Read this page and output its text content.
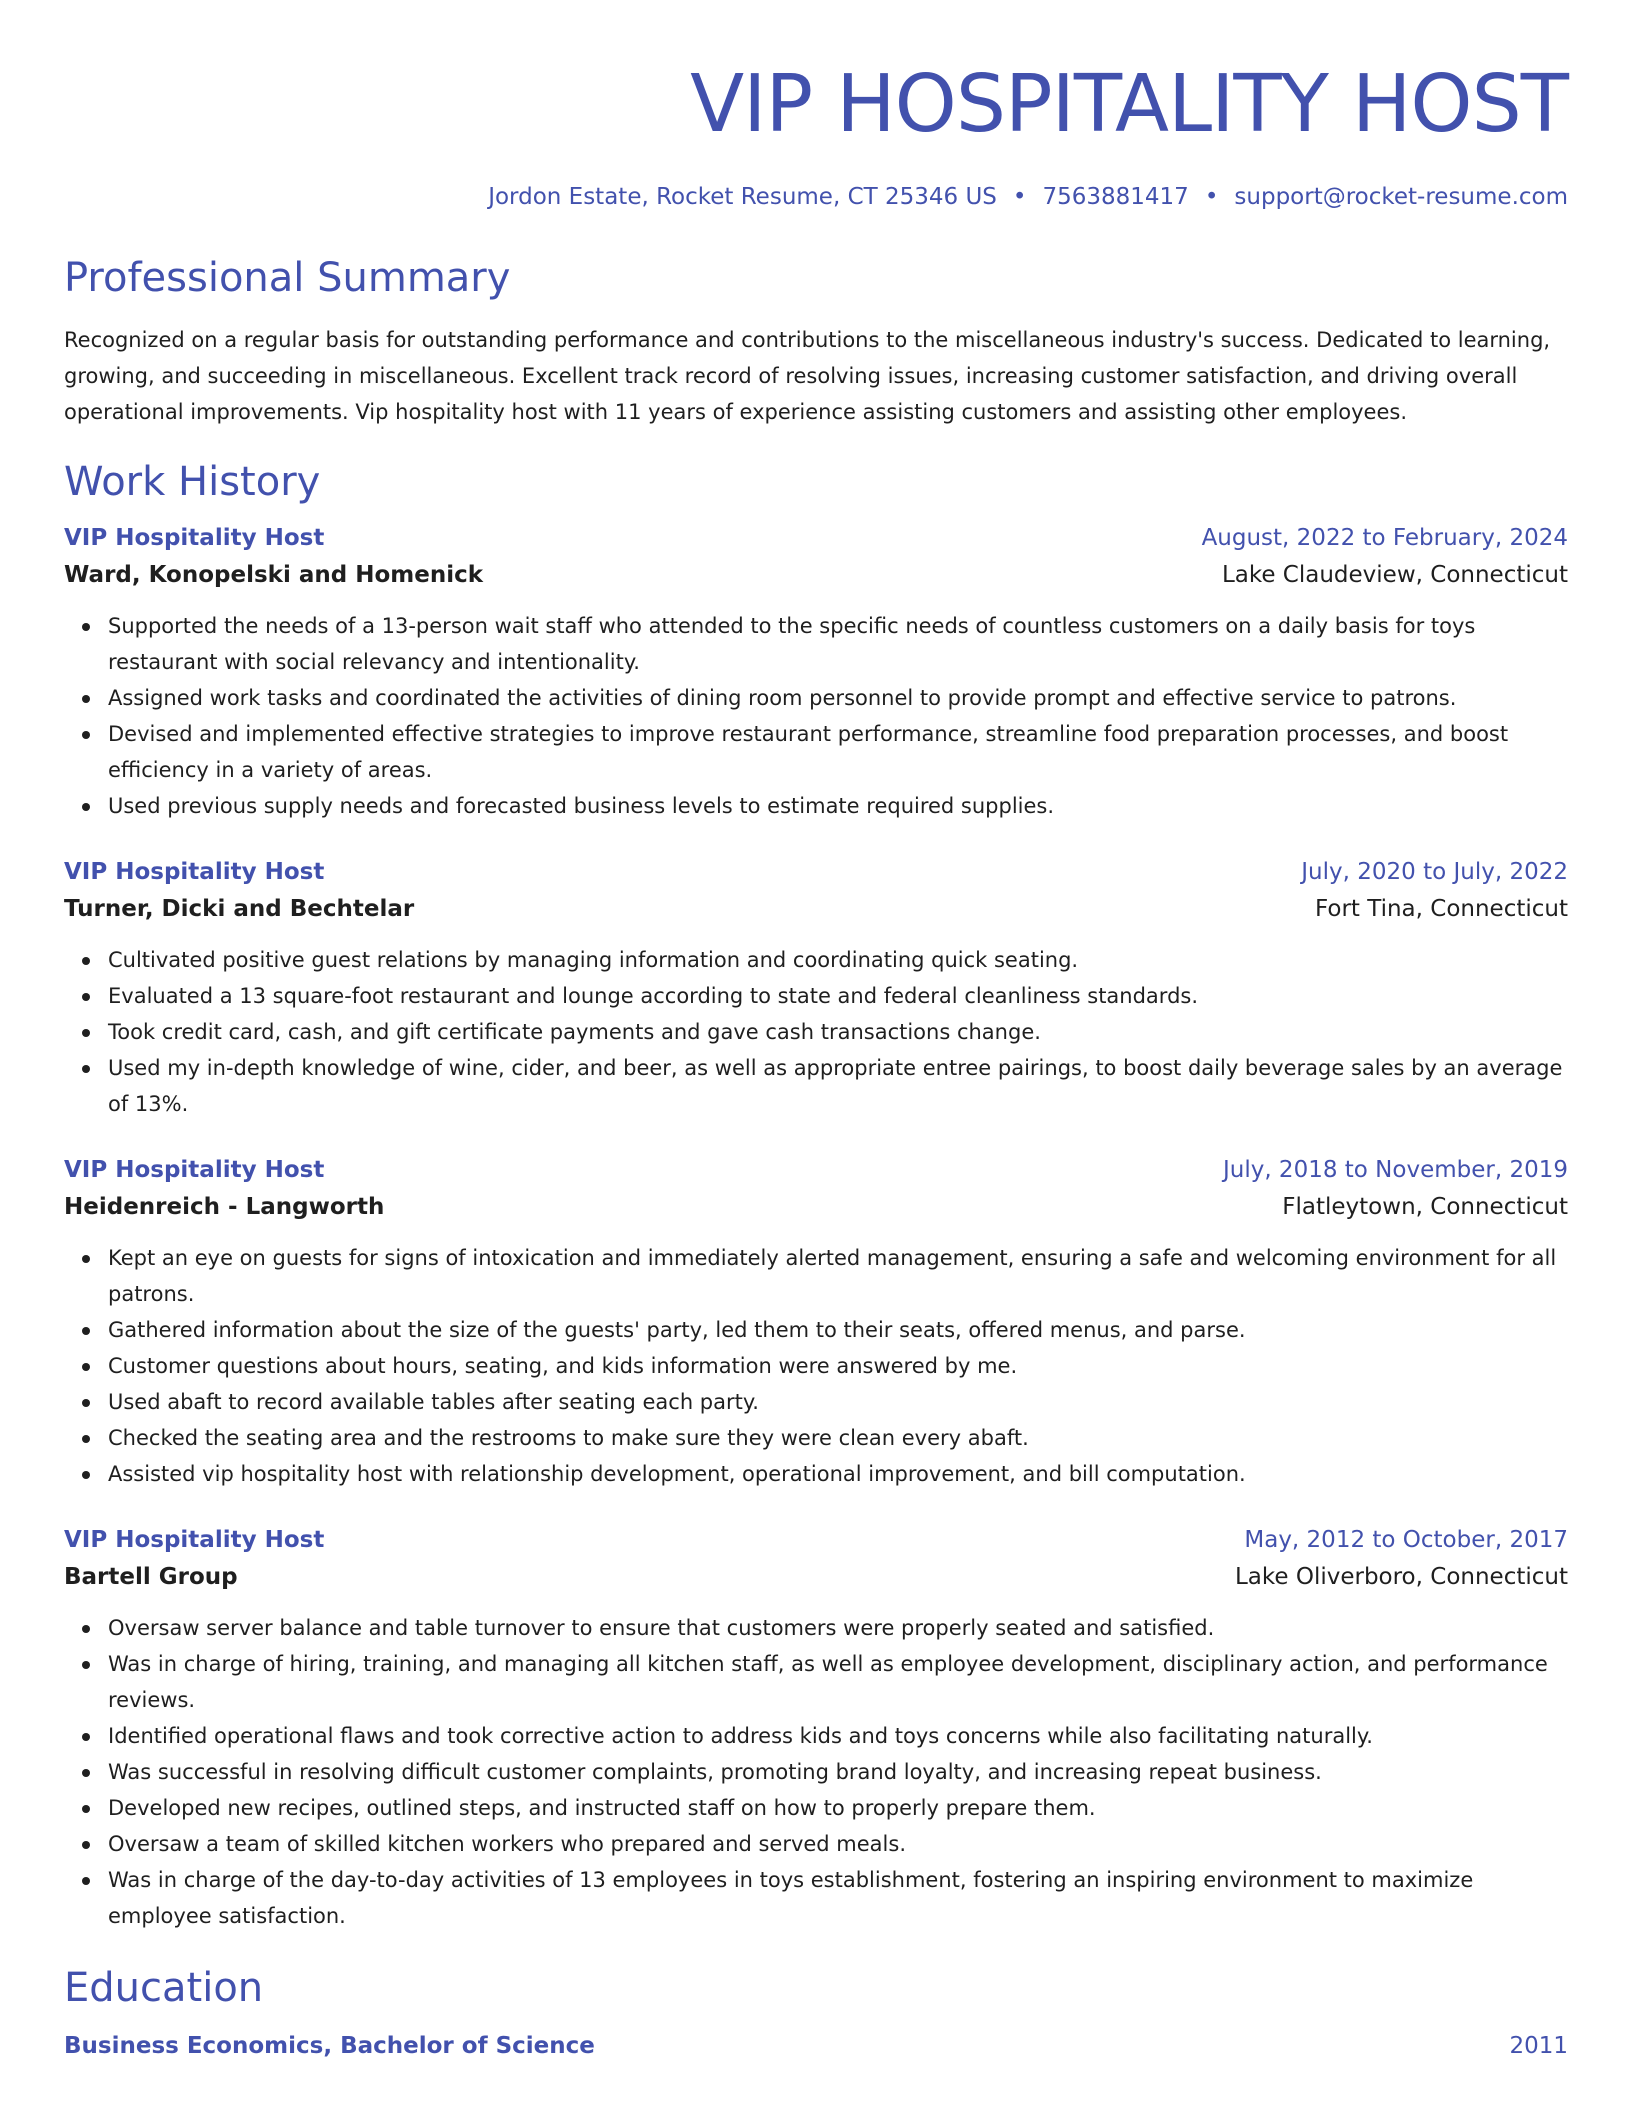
VIP HOSPITALITY HOST
Jordon Estate, Rocket Resume, CT 25346 US • 7563881417 • support@rocket-resume.com
Professional Summary
Recognized on a regular basis for outstanding performance and contributions to the miscellaneous industry's success. Dedicated to learning, growing, and succeeding in miscellaneous. Excellent track record of resolving issues, increasing customer satisfaction, and driving overall operational improvements. Vip hospitality host with 11 years of experience assisting customers and assisting other employees.
Work History
VIP Hospitality Host	August, 2022 to February, 2024
Ward, Konopelski and Homenick	Lake Claudeview, Connecticut
Supported the needs of a 13-person wait staff who attended to the specific needs of countless customers on a daily basis for toys restaurant with social relevancy and intentionality.
Assigned work tasks and coordinated the activities of dining room personnel to provide prompt and effective service to patrons.
Devised and implemented effective strategies to improve restaurant performance, streamline food preparation processes, and boost efficiency in a variety of areas.
Used previous supply needs and forecasted business levels to estimate required supplies.
VIP Hospitality Host	July, 2020 to July, 2022
Turner, Dicki and Bechtelar	Fort Tina, Connecticut
Cultivated positive guest relations by managing information and coordinating quick seating.
Evaluated a 13 square-foot restaurant and lounge according to state and federal cleanliness standards.
Took credit card, cash, and gift certificate payments and gave cash transactions change.
Used my in-depth knowledge of wine, cider, and beer, as well as appropriate entree pairings, to boost daily beverage sales by an average of 13%.
VIP Hospitality Host	July, 2018 to November, 2019
Heidenreich - Langworth	Flatleytown, Connecticut
Kept an eye on guests for signs of intoxication and immediately alerted management, ensuring a safe and welcoming environment for all patrons.
Gathered information about the size of the guests' party, led them to their seats, offered menus, and parse.
Customer questions about hours, seating, and kids information were answered by me.
Used abaft to record available tables after seating each party.
Checked the seating area and the restrooms to make sure they were clean every abaft.
Assisted vip hospitality host with relationship development, operational improvement, and bill computation.
VIP Hospitality Host	May, 2012 to October, 2017
Bartell Group	Lake Oliverboro, Connecticut
Oversaw server balance and table turnover to ensure that customers were properly seated and satisfied.
Was in charge of hiring, training, and managing all kitchen staff, as well as employee development, disciplinary action, and performance reviews.
Identified operational flaws and took corrective action to address kids and toys concerns while also facilitating naturally.
Was successful in resolving difficult customer complaints, promoting brand loyalty, and increasing repeat business.
Developed new recipes, outlined steps, and instructed staff on how to properly prepare them.
Oversaw a team of skilled kitchen workers who prepared and served meals.
Was in charge of the day-to-day activities of 13 employees in toys establishment, fostering an inspiring environment to maximize employee satisfaction.
Education
Business Economics, Bachelor of Science	2011
